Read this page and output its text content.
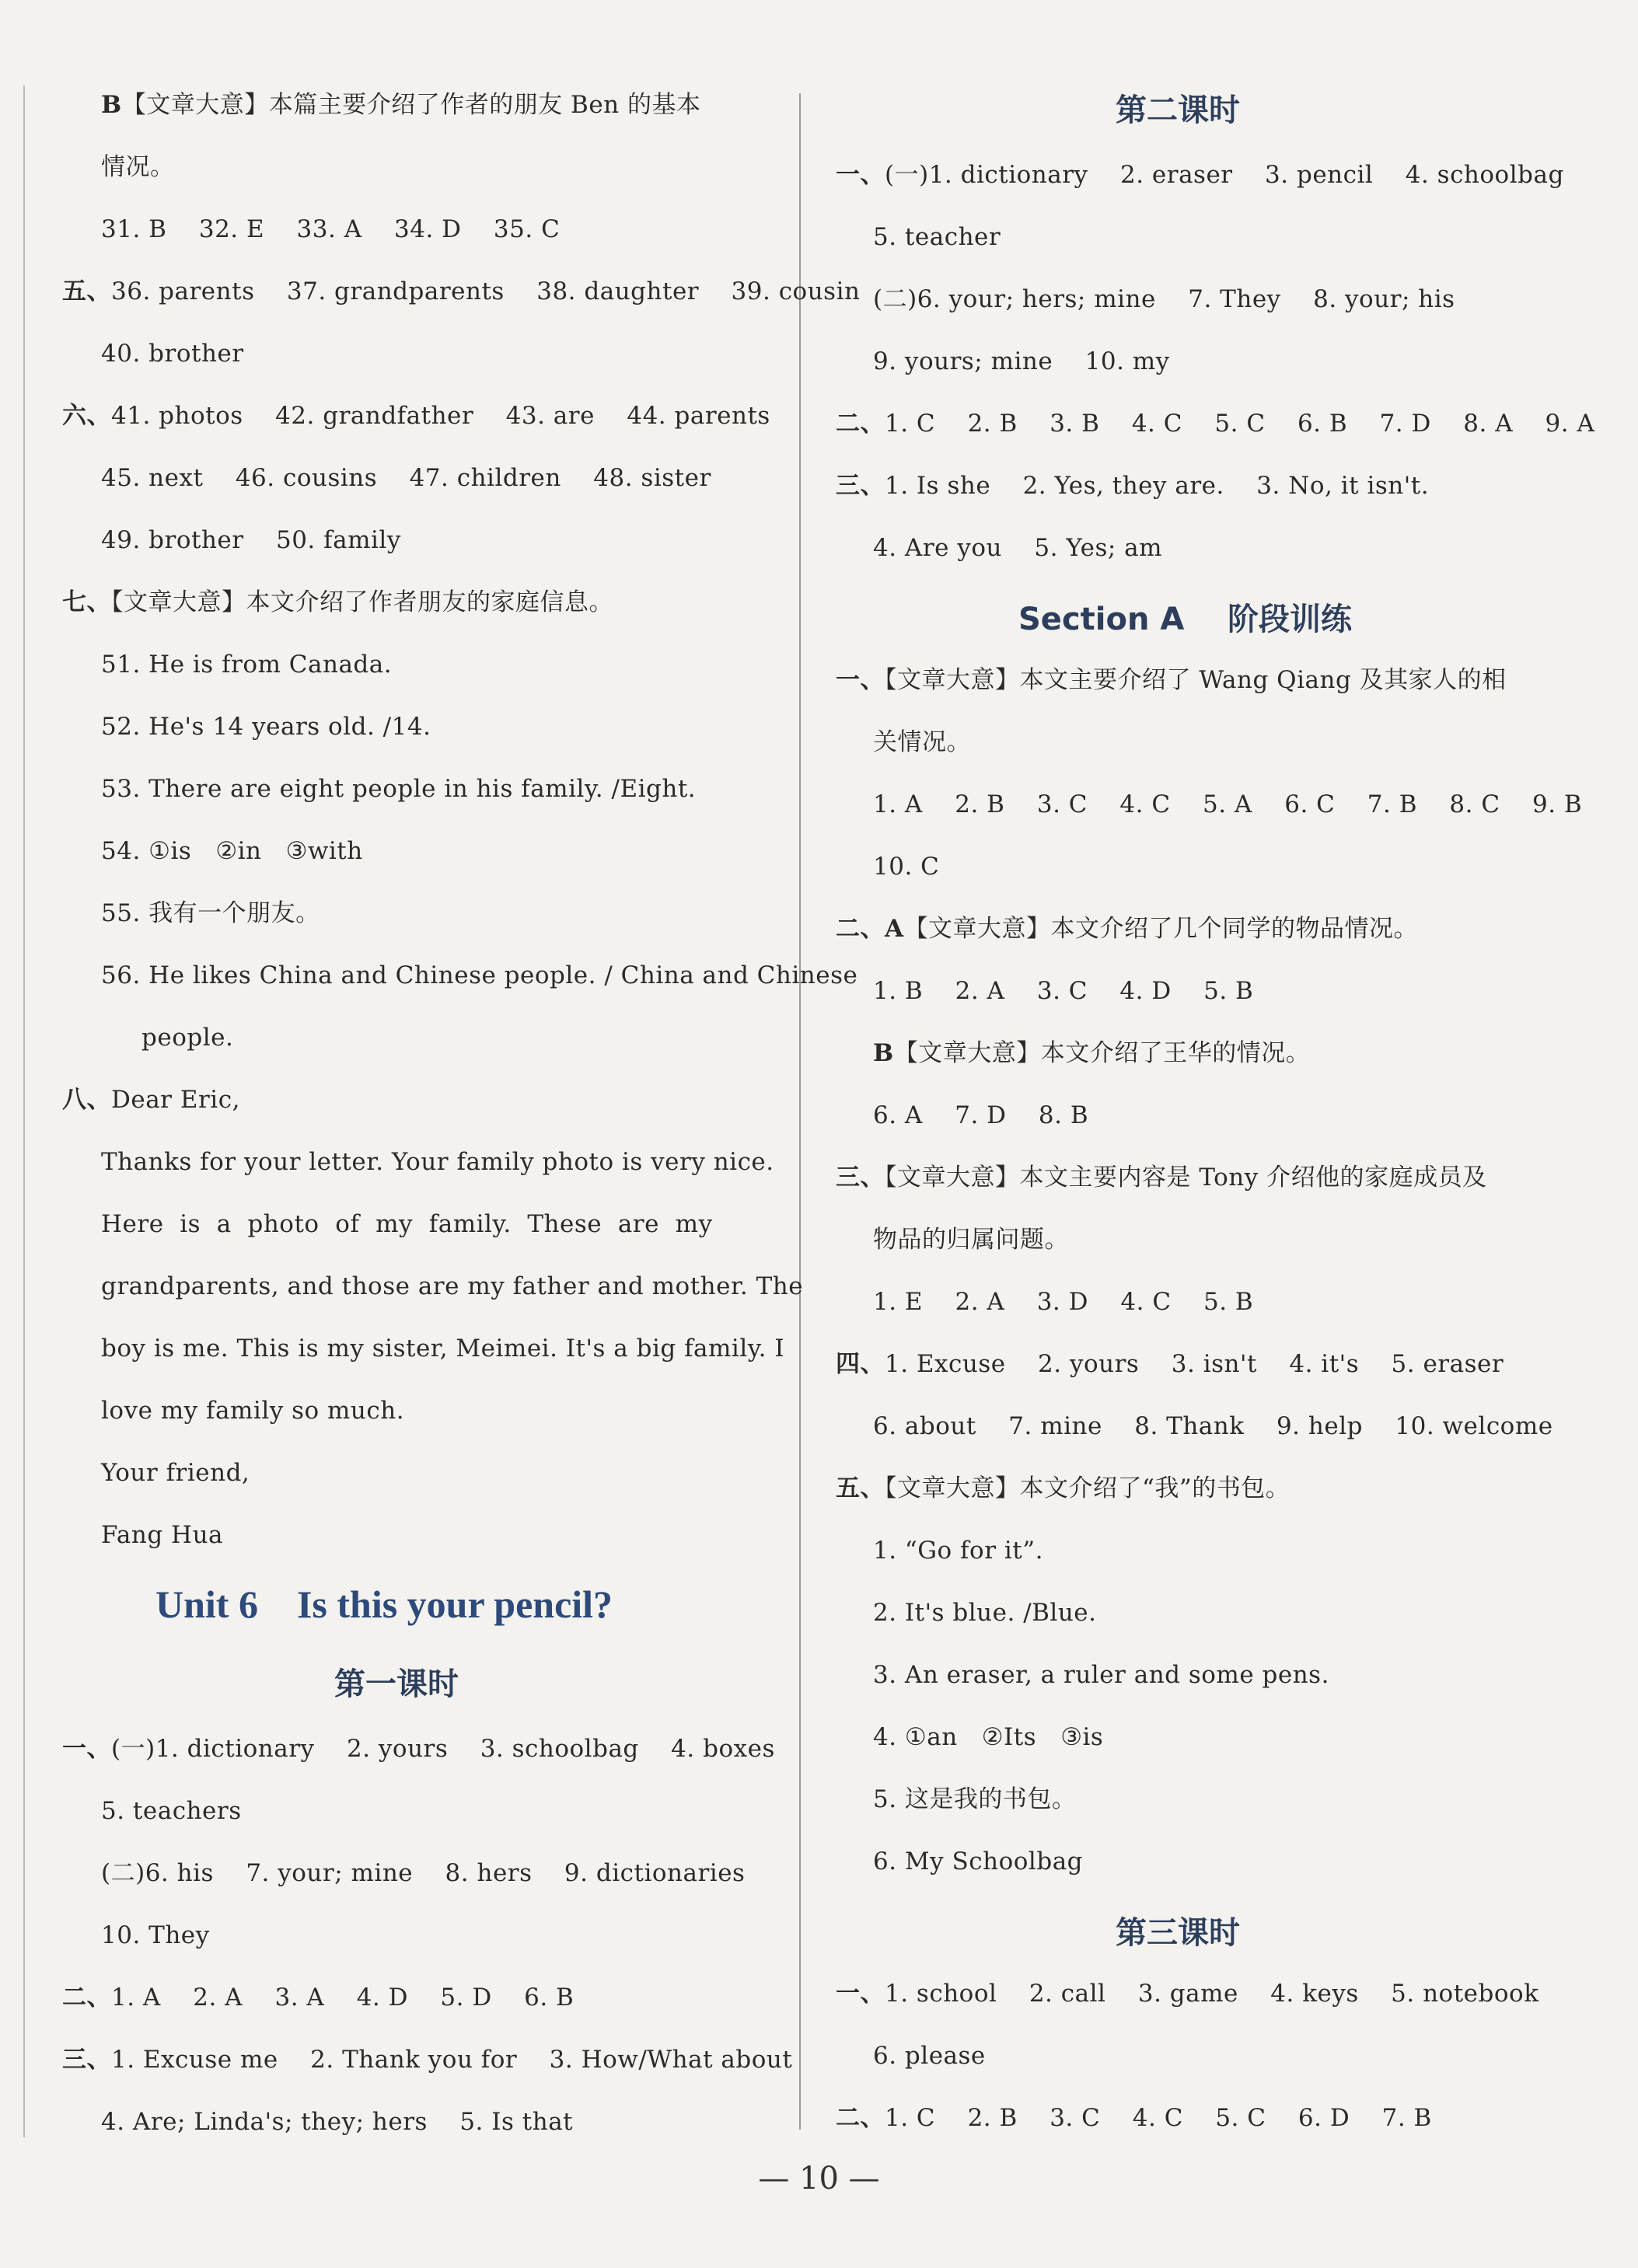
B【文章大意】本篇主要介绍了作者的朋友 Ben 的基本
情况。
31. B    32. E    33. A    34. D    35. C
五、36. parents    37. grandparents    38. daughter    39. cousin
40. brother
六、41. photos    42. grandfather    43. are    44. parents
45. next    46. cousins    47. children    48. sister
49. brother    50. family
七、【文章大意】本文介绍了作者朋友的家庭信息。
51. He is from Canada.
52. He's 14 years old. /14.
53. There are eight people in his family. /Eight.
54. ①is   ②in   ③with
55. 我有一个朋友。
56. He likes China and Chinese people. / China and Chinese
people.
八、Dear Eric,
Thanks for your letter. Your family photo is very nice.
Here  is  a  photo  of  my  family.  These  are  my
grandparents, and those are my father and mother. The
boy is me. This is my sister, Meimei. It's a big family. I
love my family so much.
Your friend,
Fang Hua
Unit 6    Is this your pencil?
第一课时
一、(一)1. dictionary    2. yours    3. schoolbag    4. boxes
5. teachers
(二)6. his    7. your; mine    8. hers    9. dictionaries
10. They
二、1. A    2. A    3. A    4. D    5. D    6. B
三、1. Excuse me    2. Thank you for    3. How/What about
4. Are; Linda's; they; hers    5. Is that
第二课时
一、(一)1. dictionary    2. eraser    3. pencil    4. schoolbag
5. teacher
(二)6. your; hers; mine    7. They    8. your; his
9. yours; mine    10. my
二、1. C    2. B    3. B    4. C    5. C    6. B    7. D    8. A    9. A
三、1. Is she    2. Yes, they are.    3. No, it isn't.
4. Are you    5. Yes; am
Section A    阶段训练
一、【文章大意】本文主要介绍了 Wang Qiang 及其家人的相
关情况。
1. A    2. B    3. C    4. C    5. A    6. C    7. B    8. C    9. B
10. C
二、A【文章大意】本文介绍了几个同学的物品情况。
1. B    2. A    3. C    4. D    5. B
B【文章大意】本文介绍了王华的情况。
6. A    7. D    8. B
三、【文章大意】本文主要内容是 Tony 介绍他的家庭成员及
物品的归属问题。
1. E    2. A    3. D    4. C    5. B
四、1. Excuse    2. yours    3. isn't    4. it's    5. eraser
6. about    7. mine    8. Thank    9. help    10. welcome
五、【文章大意】本文介绍了“我”的书包。
1. “Go for it”.
2. It's blue. /Blue.
3. An eraser, a ruler and some pens.
4. ①an   ②Its   ③is
5. 这是我的书包。
6. My Schoolbag
第三课时
一、1. school    2. call    3. game    4. keys    5. notebook
6. please
二、1. C    2. B    3. C    4. C    5. C    6. D    7. B
— 10 —
